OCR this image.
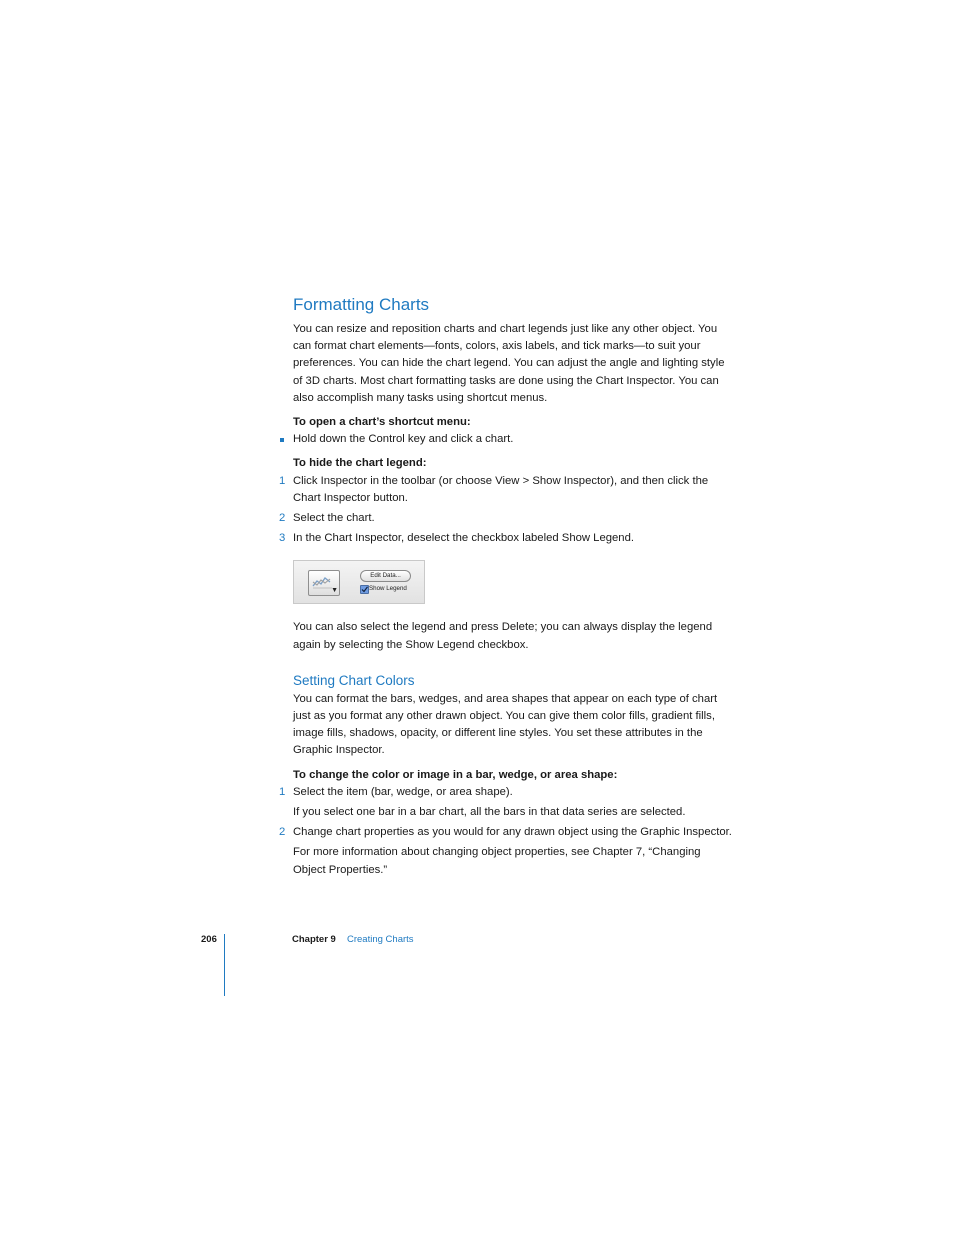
Formatting Charts

You can resize and reposition charts and chart legends just like any other object. You can format chart elements—fonts, colors, axis labels, and tick marks—to suit your preferences. You can hide the chart legend. You can adjust the angle and lighting style of 3D charts. Most chart formatting tasks are done using the Chart Inspector. You can also accomplish many tasks using shortcut menus.

To open a chart’s shortcut menu:
Hold down the Control key and click a chart.
To hide the chart legend:
1 Click Inspector in the toolbar (or choose View > Show Inspector), and then click the Chart Inspector button.
2 Select the chart.
3 In the Chart Inspector, deselect the checkbox labeled Show Legend.
▼
Edit Data...
Show Legend

You can also select the legend and press Delete; you can always display the legend again by selecting the Show Legend checkbox.

Setting Chart Colors

You can format the bars, wedges, and area shapes that appear on each type of chart just as you format any other drawn object. You can give them color fills, gradient fills, image fills, shadows, opacity, or different line styles. You set these attributes in the Graphic Inspector.

To change the color or image in a bar, wedge, or area shape:
1 Select the item (bar, wedge, or area shape).

If you select one bar in a bar chart, all the bars in that data series are selected.

2 Change chart properties as you would for any drawn object using the Graphic Inspector.

For more information about changing object properties, see Chapter 7, “Changing Object Properties.”

206	Chapter 9 Creating Charts
